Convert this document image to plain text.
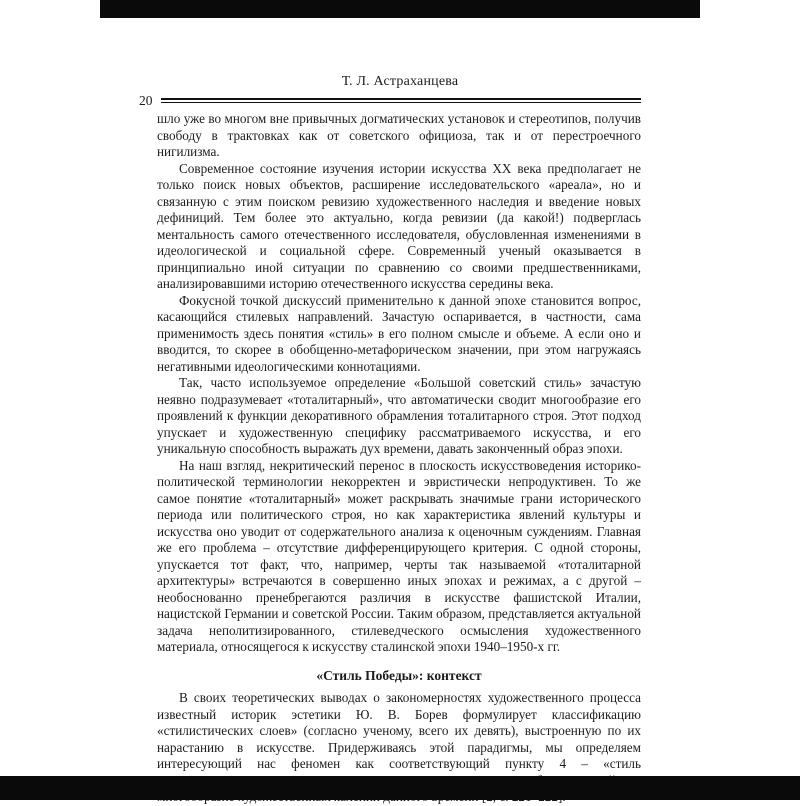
Т. Л. Астраханцева
20

шло уже во многом вне привычных догматических установок и стереотипов, получив свободу в трактовках как от советского официоза, так и от перестроечного нигилизма.

Современное состояние изучения истории искусства XX века предполагает не только поиск новых объектов, расширение исследовательского «ареала», но и связанную с этим поиском ревизию художественного наследия и введение новых дефиниций. Тем более это актуально, когда ревизии (да какой!) подверглась ментальность самого отечественного исследователя, обусловленная изменениями в идеологической и социальной сфере. Современный ученый оказывается в принципиально иной ситуации по сравнению со своими предшественниками, анализировавшими историю отечественного искусства середины века.

Фокусной точкой дискуссий применительно к данной эпохе становится вопрос, касающийся стилевых направлений. Зачастую оспаривается, в частности, сама применимость здесь понятия «стиль» в его полном смысле и объеме. А если оно и вводится, то скорее в обобщенно-метафорическом значении, при этом нагружаясь негативными идеологическими коннотациями.

Так, часто используемое определение «Большой советский стиль» зачастую неявно подразумевает «тоталитарный», что автоматически сводит многообразие его проявлений к функции декоративного обрамления тоталитарного строя. Этот подход упускает и художественную специфику рассматриваемого искусства, и его уникальную способность выражать дух времени, давать законченный образ эпохи.

На наш взгляд, некритический перенос в плоскость искусствоведения историко-политической терминологии некорректен и эвристически непродуктивен. То же самое понятие «тоталитарный» может раскрывать значимые грани исторического периода или политического строя, но как характеристика явлений культуры и искусства оно уводит от содержательного анализа к оценочным суждениям. Главная же его проблема – отсутствие дифференцирующего критерия. С одной стороны, упускается тот факт, что, например, черты так называемой «тоталитарной архитектуры» встречаются в совершенно иных эпохах и режимах, а с другой – необоснованно пренебрегаются различия в искусстве фашистской Италии, нацистской Германии и советской России. Таким образом, представляется актуальной задача неполитизированного, стилеведческого осмысления художественного материала, относящегося к искусству сталинской эпохи 1940–1950-х гг.

«Стиль Победы»: контекст

В своих теоретических выводах о закономерностях художественного процесса известный историк эстетики Ю. В. Борев формулирует классификацию «стилистических слоев» (согласно ученому, всего их девять), выстроенную по их нарастанию в искусстве. Придерживаясь этой парадигмы, мы определяем интересующий нас феномен как соответствующий пункту 4 – «стиль
